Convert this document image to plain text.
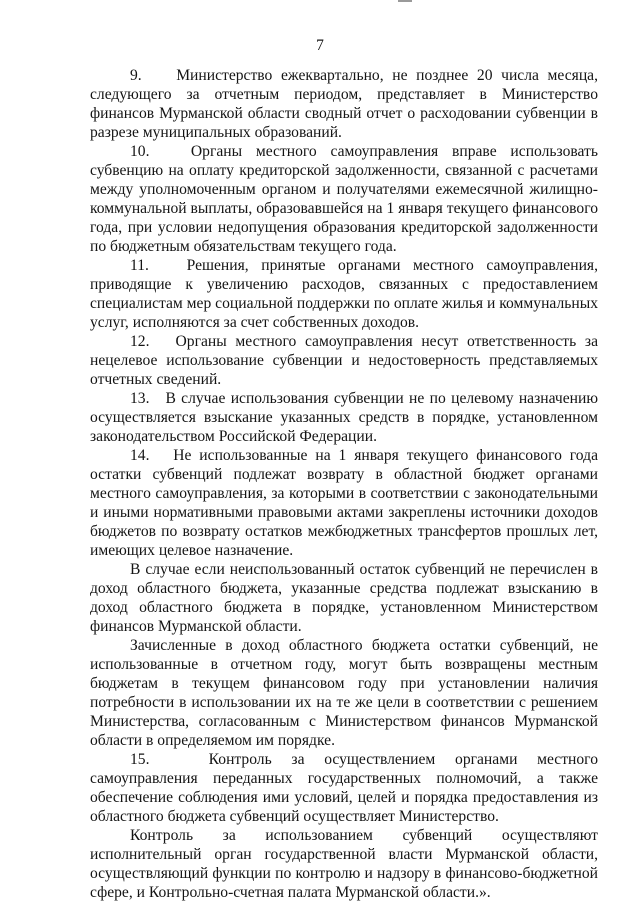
7

9.    Министерство ежеквартально, не позднее 20 числа месяца, следующего за отчетным периодом, представляет в Министерство финансов Мурманской области сводный отчет о расходовании субвенции в разрезе муниципальных образований.

10.   Органы местного самоуправления вправе использовать субвенцию на оплату кредиторской задолженности, связанной с расчетами между уполномоченным органом и получателями ежемесячной жилищно-коммунальной выплаты, образовавшейся на 1 января текущего финансового года, при условии недопущения образования кредиторской задолженности по бюджетным обязательствам текущего года.

11.   Решения, принятые органами местного самоуправления, приводящие к увеличению расходов, связанных с предоставлением специалистам мер социальной поддержки по оплате жилья и коммунальных услуг, исполняются за счет собственных доходов.

12.   Органы местного самоуправления несут ответственность за нецелевое использование субвенции и недостоверность представляемых отчетных сведений.

13.   В случае использования субвенции не по целевому назначению осуществляется взыскание указанных средств в порядке, установленном законодательством Российской Федерации.

14.   Не использованные на 1 января текущего финансового года остатки субвенций подлежат возврату в областной бюджет органами местного самоуправления, за которыми в соответствии с законодательными и иными нормативными правовыми актами закреплены источники доходов бюджетов по возврату остатков межбюджетных трансфертов прошлых лет, имеющих целевое назначение.

В случае если неиспользованный остаток субвенций не перечислен в доход областного бюджета, указанные средства подлежат взысканию в доход областного бюджета в порядке, установленном Министерством финансов Мурманской области.

Зачисленные в доход областного бюджета остатки субвенций, не использованные в отчетном году, могут быть возвращены местным бюджетам в текущем финансовом году при установлении наличия потребности в использовании их на те же цели в соответствии с решением Министерства, согласованным с Министерством финансов Мурманской области в определяемом им порядке.

15.   Контроль за осуществлением органами местного самоуправления переданных государственных полномочий, а также обеспечение соблюдения ими условий, целей и порядка предоставления из областного бюджета субвенций осуществляет Министерство.

Контроль за использованием субвенций осуществляют исполнительный орган государственной власти Мурманской области, осуществляющий функции по контролю и надзору в финансово-бюджетной сфере, и Контрольно-счетная палата Мурманской области.».
